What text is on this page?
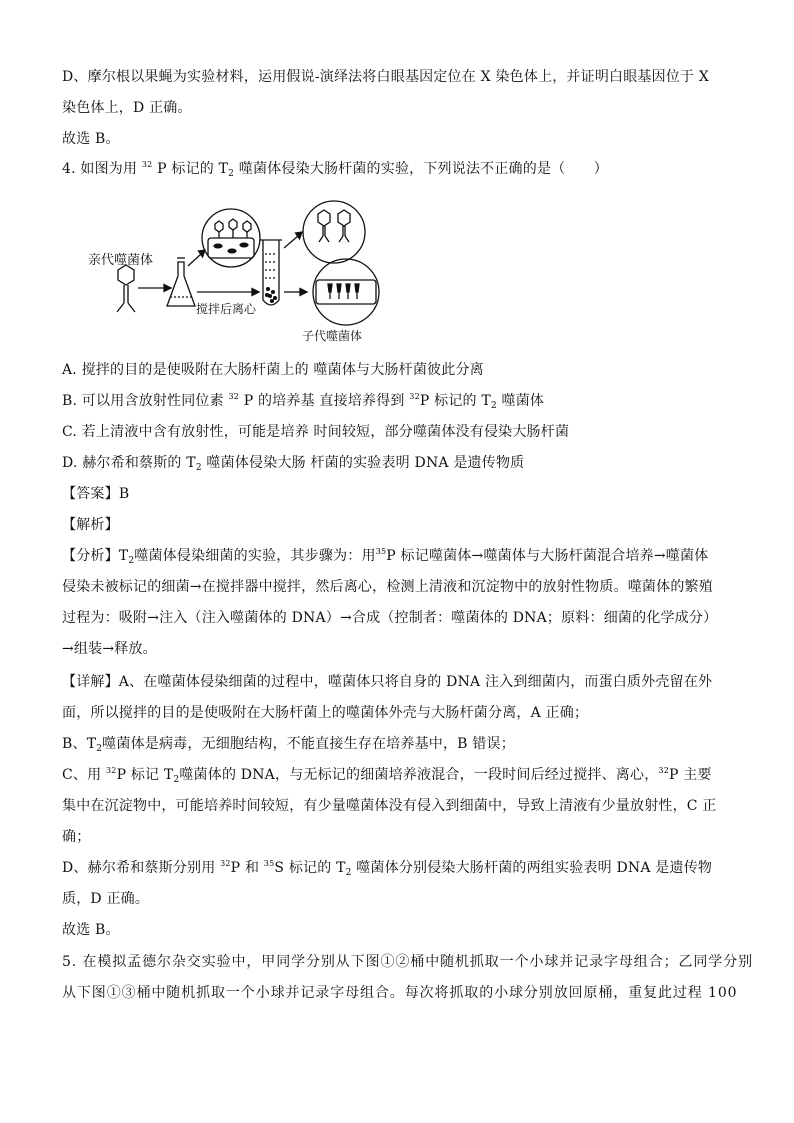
D、摩尔根以果蝇为实验材料，运用假说-演绎法将白眼基因定位在 X 染色体上，并证明白眼基因位于 X
染色体上，D 正确。
故选 B。
4. 如图为用 $^{32}$ P 标记的 $T_2$ 噬菌体侵染大肠杆菌的实验，下列说法不正确的是（　　）
A. 搅拌的目的是使吸附在大肠杆菌上的 噬菌体与大肠杆菌彼此分离
B. 可以用含放射性同位素 $^{32}$ P 的培养基 直接培养得到 $^{32}$P 标记的 $T_2$ 噬菌体
C. 若上清液中含有放射性，可能是培养 时间较短，部分噬菌体没有侵染大肠杆菌
D. 赫尔希和蔡斯的 $T_2$ 噬菌体侵染大肠 杆菌的实验表明 DNA 是遗传物质
【答案】B
【解析】
【分析】$T_2$噬菌体侵染细菌的实验，其步骤为：用$^{35}$P 标记噬菌体→噬菌体与大肠杆菌混合培养→噬菌体
侵染未被标记的细菌→在搅拌器中搅拌，然后离心，检测上清液和沉淀物中的放射性物质。噬菌体的繁殖
过程为：吸附→注入（注入噬菌体的 DNA）→合成（控制者：噬菌体的 DNA；原料：细菌的化学成分）
→组装→释放。
【详解】A、在噬菌体侵染细菌的过程中，噬菌体只将自身的 DNA 注入到细菌内，而蛋白质外壳留在外
面，所以搅拌的目的是使吸附在大肠杆菌上的噬菌体外壳与大肠杆菌分离，A 正确；
B、$T_2$噬菌体是病毒，无细胞结构，不能直接生存在培养基中，B 错误；
C、用 $^{32}$P 标记 $T_2$噬菌体的 DNA，与无标记的细菌培养液混合，一段时间后经过搅拌、离心，$^{32}$P 主要
集中在沉淀物中，可能培养时间较短，有少量噬菌体没有侵入到细菌中，导致上清液有少量放射性，C 正
确；
D、赫尔希和蔡斯分别用 $^{32}$P 和 $^{35}$S 标记的 $T_2$ 噬菌体分别侵染大肠杆菌的两组实验表明 DNA 是遗传物
质，D 正确。
故选 B。
5. 在模拟孟德尔杂交实验中，甲同学分别从下图①②桶中随机抓取一个小球并记录字母组合；乙同学分别
从下图①③桶中随机抓取一个小球并记录字母组合。每次将抓取的小球分别放回原桶，重复此过程 100
亲代噬菌体
搅拌后离心
子代噬菌体
